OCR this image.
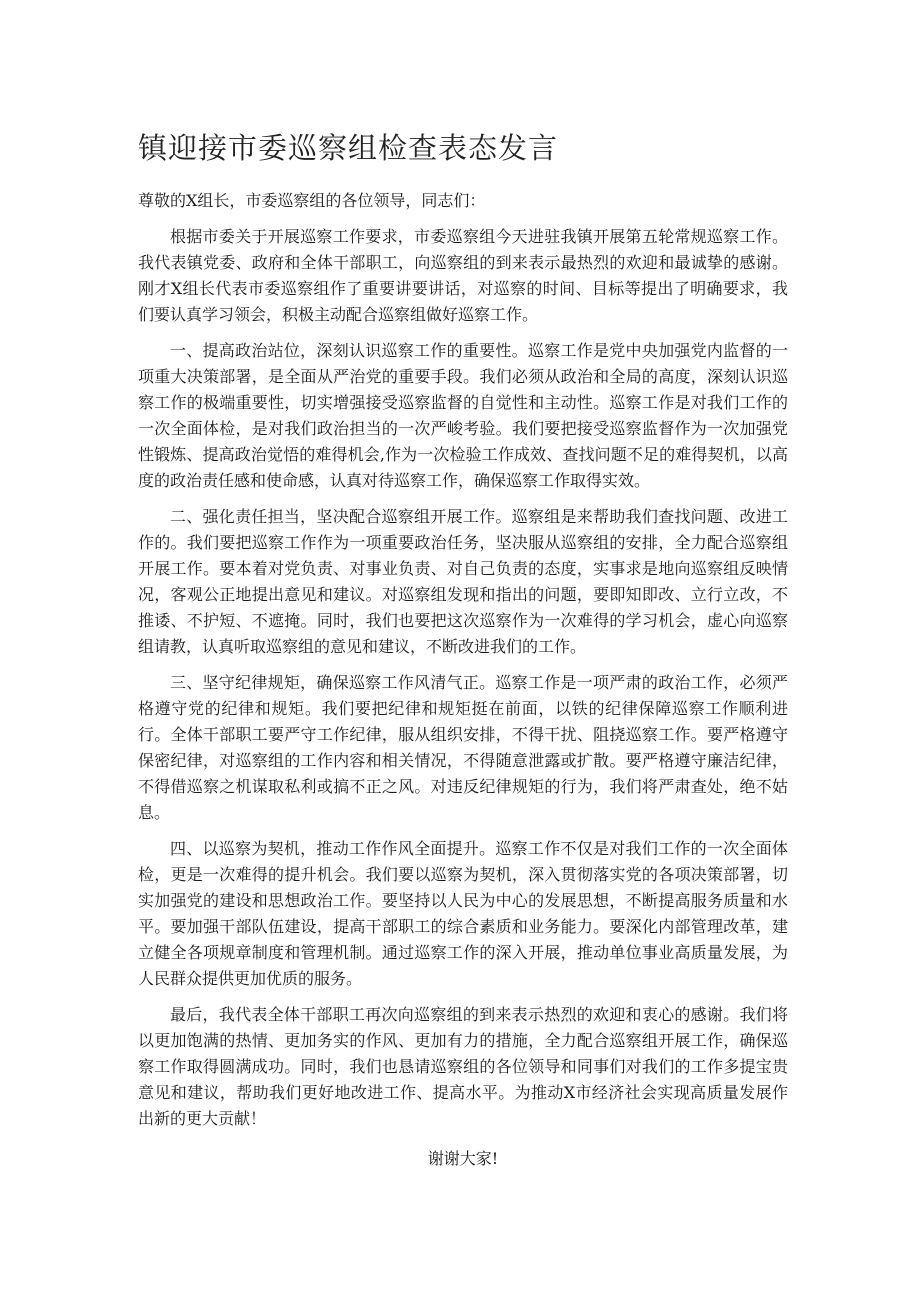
镇迎接市委巡察组检查表态发言

尊敬的X组长，市委巡察组的各位领导，同志们：

根据市委关于开展巡察工作要求，市委巡察组今天进驻我镇开展第五轮常规巡察工作。我代表镇党委、政府和全体干部职工，向巡察组的到来表示最热烈的欢迎和最诚挚的感谢。刚才X组长代表市委巡察组作了重要讲要讲话，对巡察的时间、目标等提出了明确要求，我们要认真学习领会，积极主动配合巡察组做好巡察工作。

一、提高政治站位，深刻认识巡察工作的重要性。巡察工作是党中央加强党内监督的一项重大决策部署，是全面从严治党的重要手段。我们必须从政治和全局的高度，深刻认识巡察工作的极端重要性，切实增强接受巡察监督的自觉性和主动性。巡察工作是对我们工作的一次全面体检，是对我们政治担当的一次严峻考验。我们要把接受巡察监督作为一次加强党性锻炼、提高政治觉悟的难得机会,作为一次检验工作成效、查找问题不足的难得契机，以高度的政治责任感和使命感，认真对待巡察工作，确保巡察工作取得实效。

二、强化责任担当，坚决配合巡察组开展工作。巡察组是来帮助我们查找问题、改进工作的。我们要把巡察工作作为一项重要政治任务，坚决服从巡察组的安排，全力配合巡察组开展工作。要本着对党负责、对事业负责、对自己负责的态度，实事求是地向巡察组反映情况，客观公正地提出意见和建议。对巡察组发现和指出的问题，要即知即改、立行立改，不推诿、不护短、不遮掩。同时，我们也要把这次巡察作为一次难得的学习机会，虚心向巡察组请教，认真听取巡察组的意见和建议，不断改进我们的工作。

三、坚守纪律规矩，确保巡察工作风清气正。巡察工作是一项严肃的政治工作，必须严格遵守党的纪律和规矩。我们要把纪律和规矩挺在前面，以铁的纪律保障巡察工作顺利进行。全体干部职工要严守工作纪律，服从组织安排，不得干扰、阻挠巡察工作。要严格遵守保密纪律，对巡察组的工作内容和相关情况，不得随意泄露或扩散。要严格遵守廉洁纪律，不得借巡察之机谋取私利或搞不正之风。对违反纪律规矩的行为，我们将严肃查处，绝不姑息。

四、以巡察为契机，推动工作作风全面提升。巡察工作不仅是对我们工作的一次全面体检，更是一次难得的提升机会。我们要以巡察为契机，深入贯彻落实党的各项决策部署，切实加强党的建设和思想政治工作。要坚持以人民为中心的发展思想，不断提高服务质量和水平。要加强干部队伍建设，提高干部职工的综合素质和业务能力。要深化内部管理改革，建立健全各项规章制度和管理机制。通过巡察工作的深入开展，推动单位事业高质量发展，为人民群众提供更加优质的服务。

最后，我代表全体干部职工再次向巡察组的到来表示热烈的欢迎和衷心的感谢。我们将以更加饱满的热情、更加务实的作风、更加有力的措施，全力配合巡察组开展工作，确保巡察工作取得圆满成功。同时，我们也恳请巡察组的各位领导和同事们对我们的工作多提宝贵意见和建议，帮助我们更好地改进工作、提高水平。为推动X市经济社会实现高质量发展作出新的更大贡献！

谢谢大家!
